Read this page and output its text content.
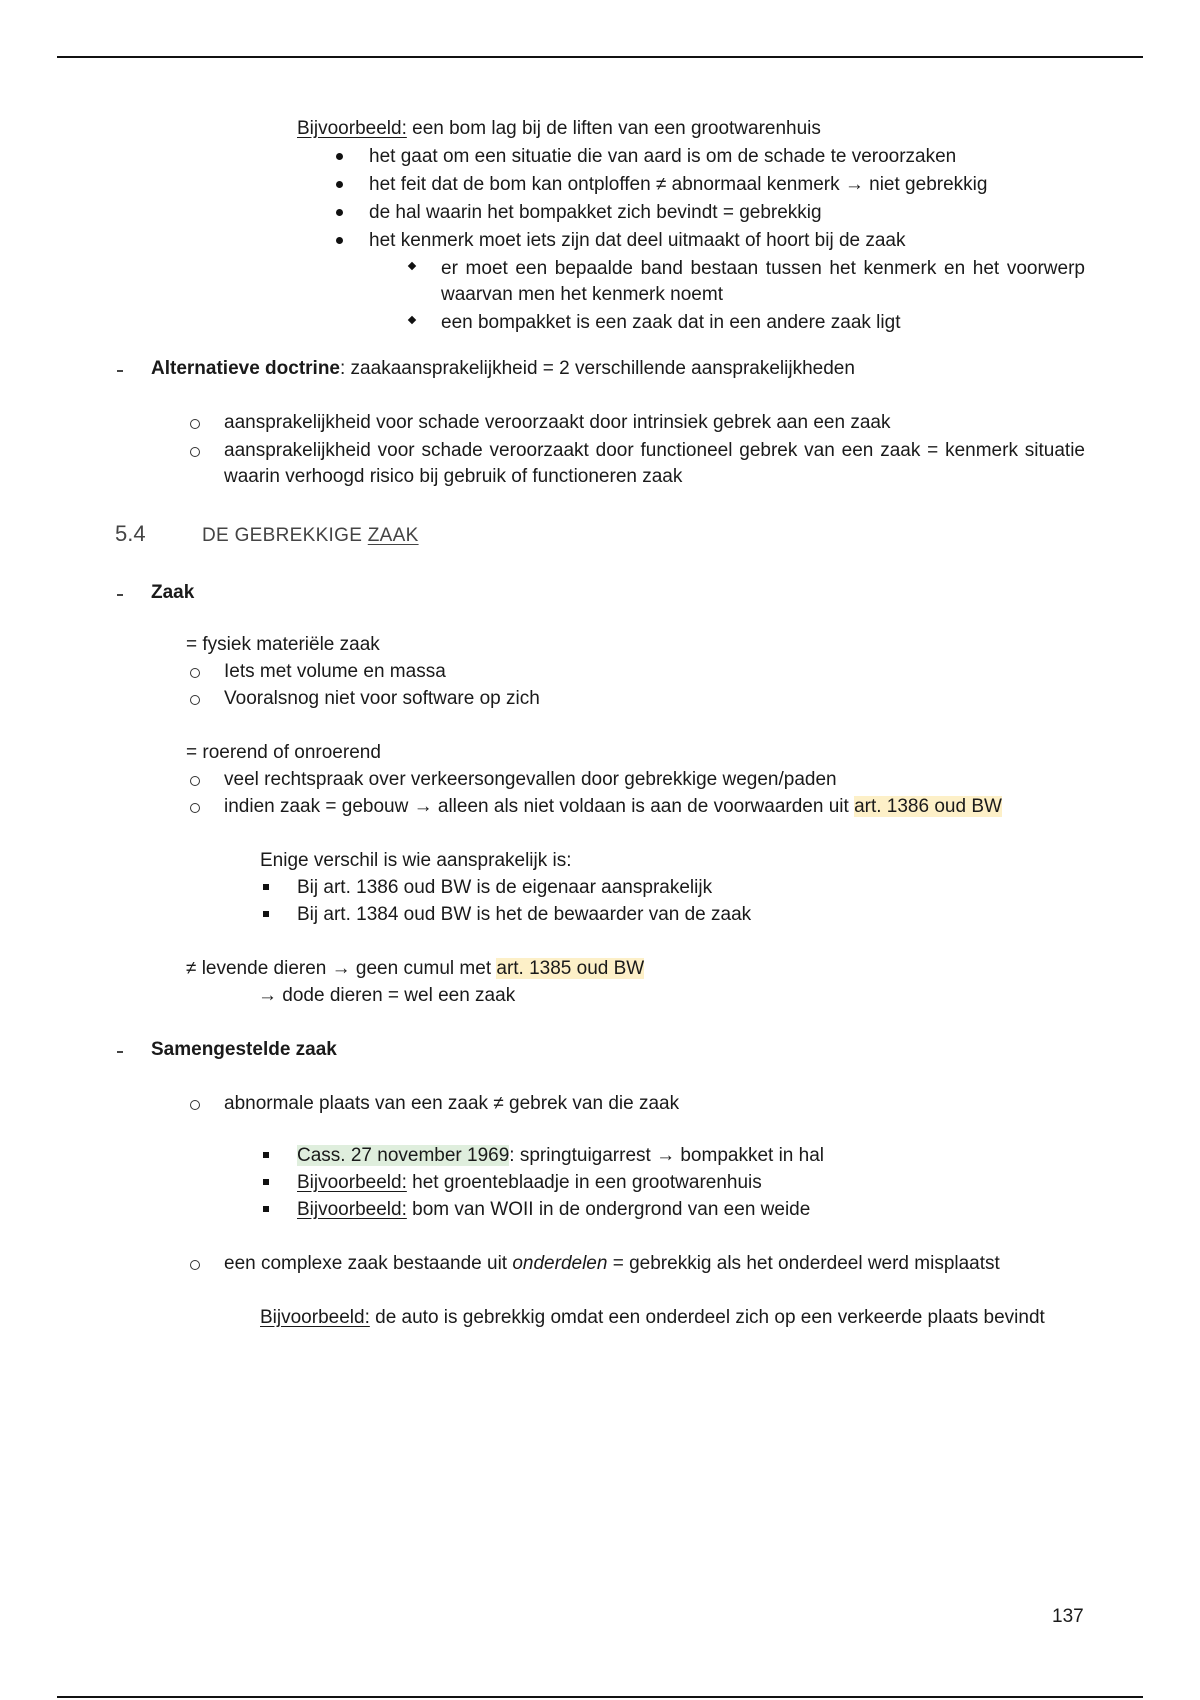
Bijvoorbeeld: een bom lag bij de liften van een grootwarenhuis
het gaat om een situatie die van aard is om de schade te veroorzaken
het feit dat de bom kan ontploffen ≠ abnormaal kenmerk → niet gebrekkig
de hal waarin het bompakket zich bevindt = gebrekkig
het kenmerk moet iets zijn dat deel uitmaakt of hoort bij de zaak
er moet een bepaalde band bestaan tussen het kenmerk en het voorwerp waarvan men het kenmerk noemt
een bompakket is een zaak dat in een andere zaak ligt
Alternatieve doctrine: zaakaansprakelijkheid = 2 verschillende aansprakelijkheden
aansprakelijkheid voor schade veroorzaakt door intrinsiek gebrek aan een zaak
aansprakelijkheid voor schade veroorzaakt door functioneel gebrek van een zaak = kenmerk situatie waarin verhoogd risico bij gebruik of functioneren zaak
5.4	DE GEBREKKIGE ZAAK
Zaak
= fysiek materiële zaak
Iets met volume en massa
Vooralsnog niet voor software op zich
= roerend of onroerend
veel rechtspraak over verkeersongevallen door gebrekkige wegen/paden
indien zaak = gebouw → alleen als niet voldaan is aan de voorwaarden uit art. 1386 oud BW
Enige verschil is wie aansprakelijk is:
Bij art. 1386 oud BW is de eigenaar aansprakelijk
Bij art. 1384 oud BW is het de bewaarder van de zaak
≠ levende dieren → geen cumul met art. 1385 oud BW
→ dode dieren = wel een zaak
Samengestelde zaak
abnormale plaats van een zaak ≠ gebrek van die zaak
Cass. 27 november 1969: springtuigarrest → bompakket in hal
Bijvoorbeeld: het groenteblaadje in een grootwarenhuis
Bijvoorbeeld: bom van WOII in de ondergrond van een weide
een complexe zaak bestaande uit onderdelen = gebrekkig als het onderdeel werd misplaatst
Bijvoorbeeld: de auto is gebrekkig omdat een onderdeel zich op een verkeerde plaats bevindt
137
